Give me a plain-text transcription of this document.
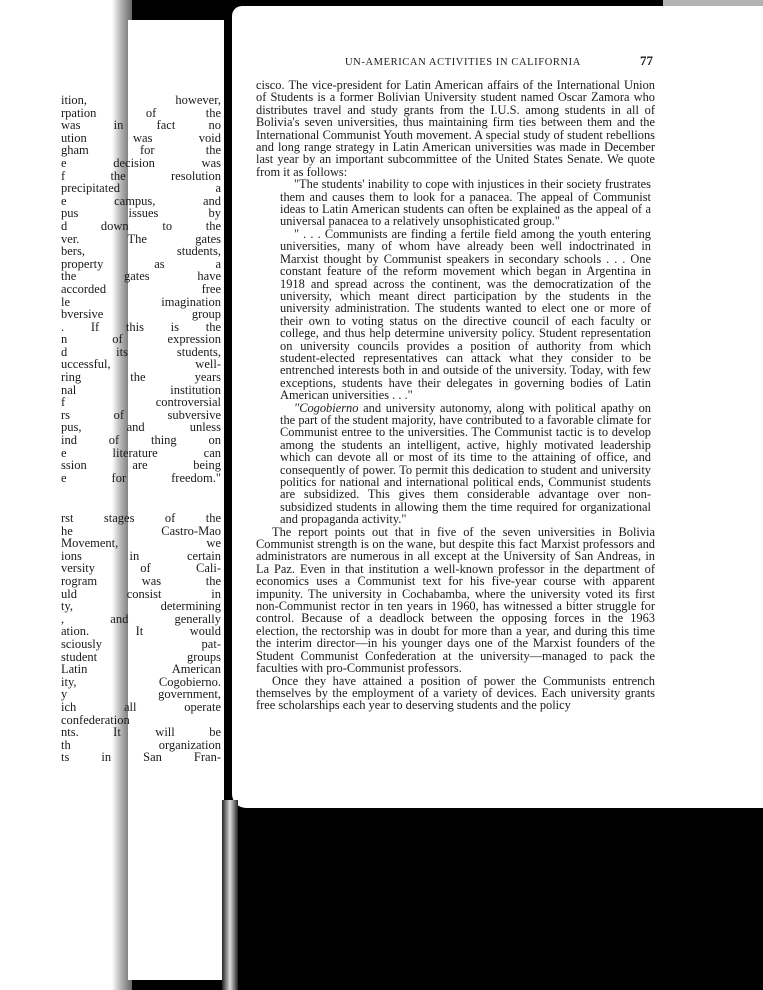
ition, however,
rpation of the
was in fact no
ution was void
gham for the
e decision was
f the resolution
precipitated a
e campus, and
pus issues by
d down to the
ver. The gates
bers, students,
property as a
the gates have
accorded free
le imagination
bversive group
. If this is the
n of expression
d its students,
uccessful, well-
ring the years
nal institution
f controversial
rs of subversive
pus, and unless
ind of thing on
e literature can
ssion are being
e for freedom."
rst stages of the
he Castro-Mao
Movement, we
ions in certain
versity of Cali-
rogram was the
uld consist in
ty, determining
, and generally
ation. It would
sciously pat-
student groups
Latin American
ity, Cogobierno.
y government,
ich all operate
confederation
nts. It will be
th organization
ts in San Fran-
UN-AMERICAN ACTIVITIES IN CALIFORNIA	77

cisco. The vice-president for Latin American affairs of the International Union of Students is a former Bolivian University student named Oscar Zamora who distributes travel and study grants from the I.U.S. among students in all of Bolivia's seven universities, thus maintaining firm ties between them and the International Communist Youth movement. A special study of student rebellions and long range strategy in Latin American universities was made in December last year by an important subcommittee of the United States Senate. We quote from it as follows:

"The students' inability to cope with injustices in their society frustrates them and causes them to look for a panacea. The appeal of Communist ideas to Latin American students can often be explained as the appeal of a universal panacea to a relatively unsophisticated group."

" . . . Communists are finding a fertile field among the youth entering universities, many of whom have already been well indoctrinated in Marxist thought by Communist speakers in secondary schools . . . One constant feature of the reform movement which began in Argentina in 1918 and spread across the continent, was the democratization of the university, which meant direct participation by the students in the university administration. The students wanted to elect one or more of their own to voting status on the directive council of each faculty or college, and thus help determine university policy. Student representation on university councils provides a position of authority from which student-elected representatives can attack what they consider to be entrenched interests both in and outside of the university. Today, with few exceptions, students have their delegates in governing bodies of Latin American universities . . ."

"Cogobierno and university autonomy, along with political apathy on the part of the student majority, have contributed to a favorable climate for Communist entree to the universities. The Communist tactic is to develop among the students an intelligent, active, highly motivated leadership which can devote all or most of its time to the attaining of office, and consequently of power. To permit this dedication to student and university politics for national and international political ends, Communist students are subsidized. This gives them considerable advantage over non-subsidized students in allowing them the time required for organizational and propaganda activity."

The report points out that in five of the seven universities in Bolivia Communist strength is on the wane, but despite this fact Marxist professors and administrators are numerous in all except at the University of San Andreas, in La Paz. Even in that institution a well-known professor in the department of economics uses a Communist text for his five-year course with apparent impunity. The university in Cochabamba, where the university voted its first non-Communist rector in ten years in 1960, has witnessed a bitter struggle for control. Because of a deadlock between the opposing forces in the 1963 election, the rectorship was in doubt for more than a year, and during this time the interim director—in his younger days one of the Marxist founders of the Student Communist Confederation at the university—managed to pack the faculties with pro-Communist professors.

Once they have attained a position of power the Communists entrench themselves by the employment of a variety of devices. Each university grants free scholarships each year to deserving students and the policy
